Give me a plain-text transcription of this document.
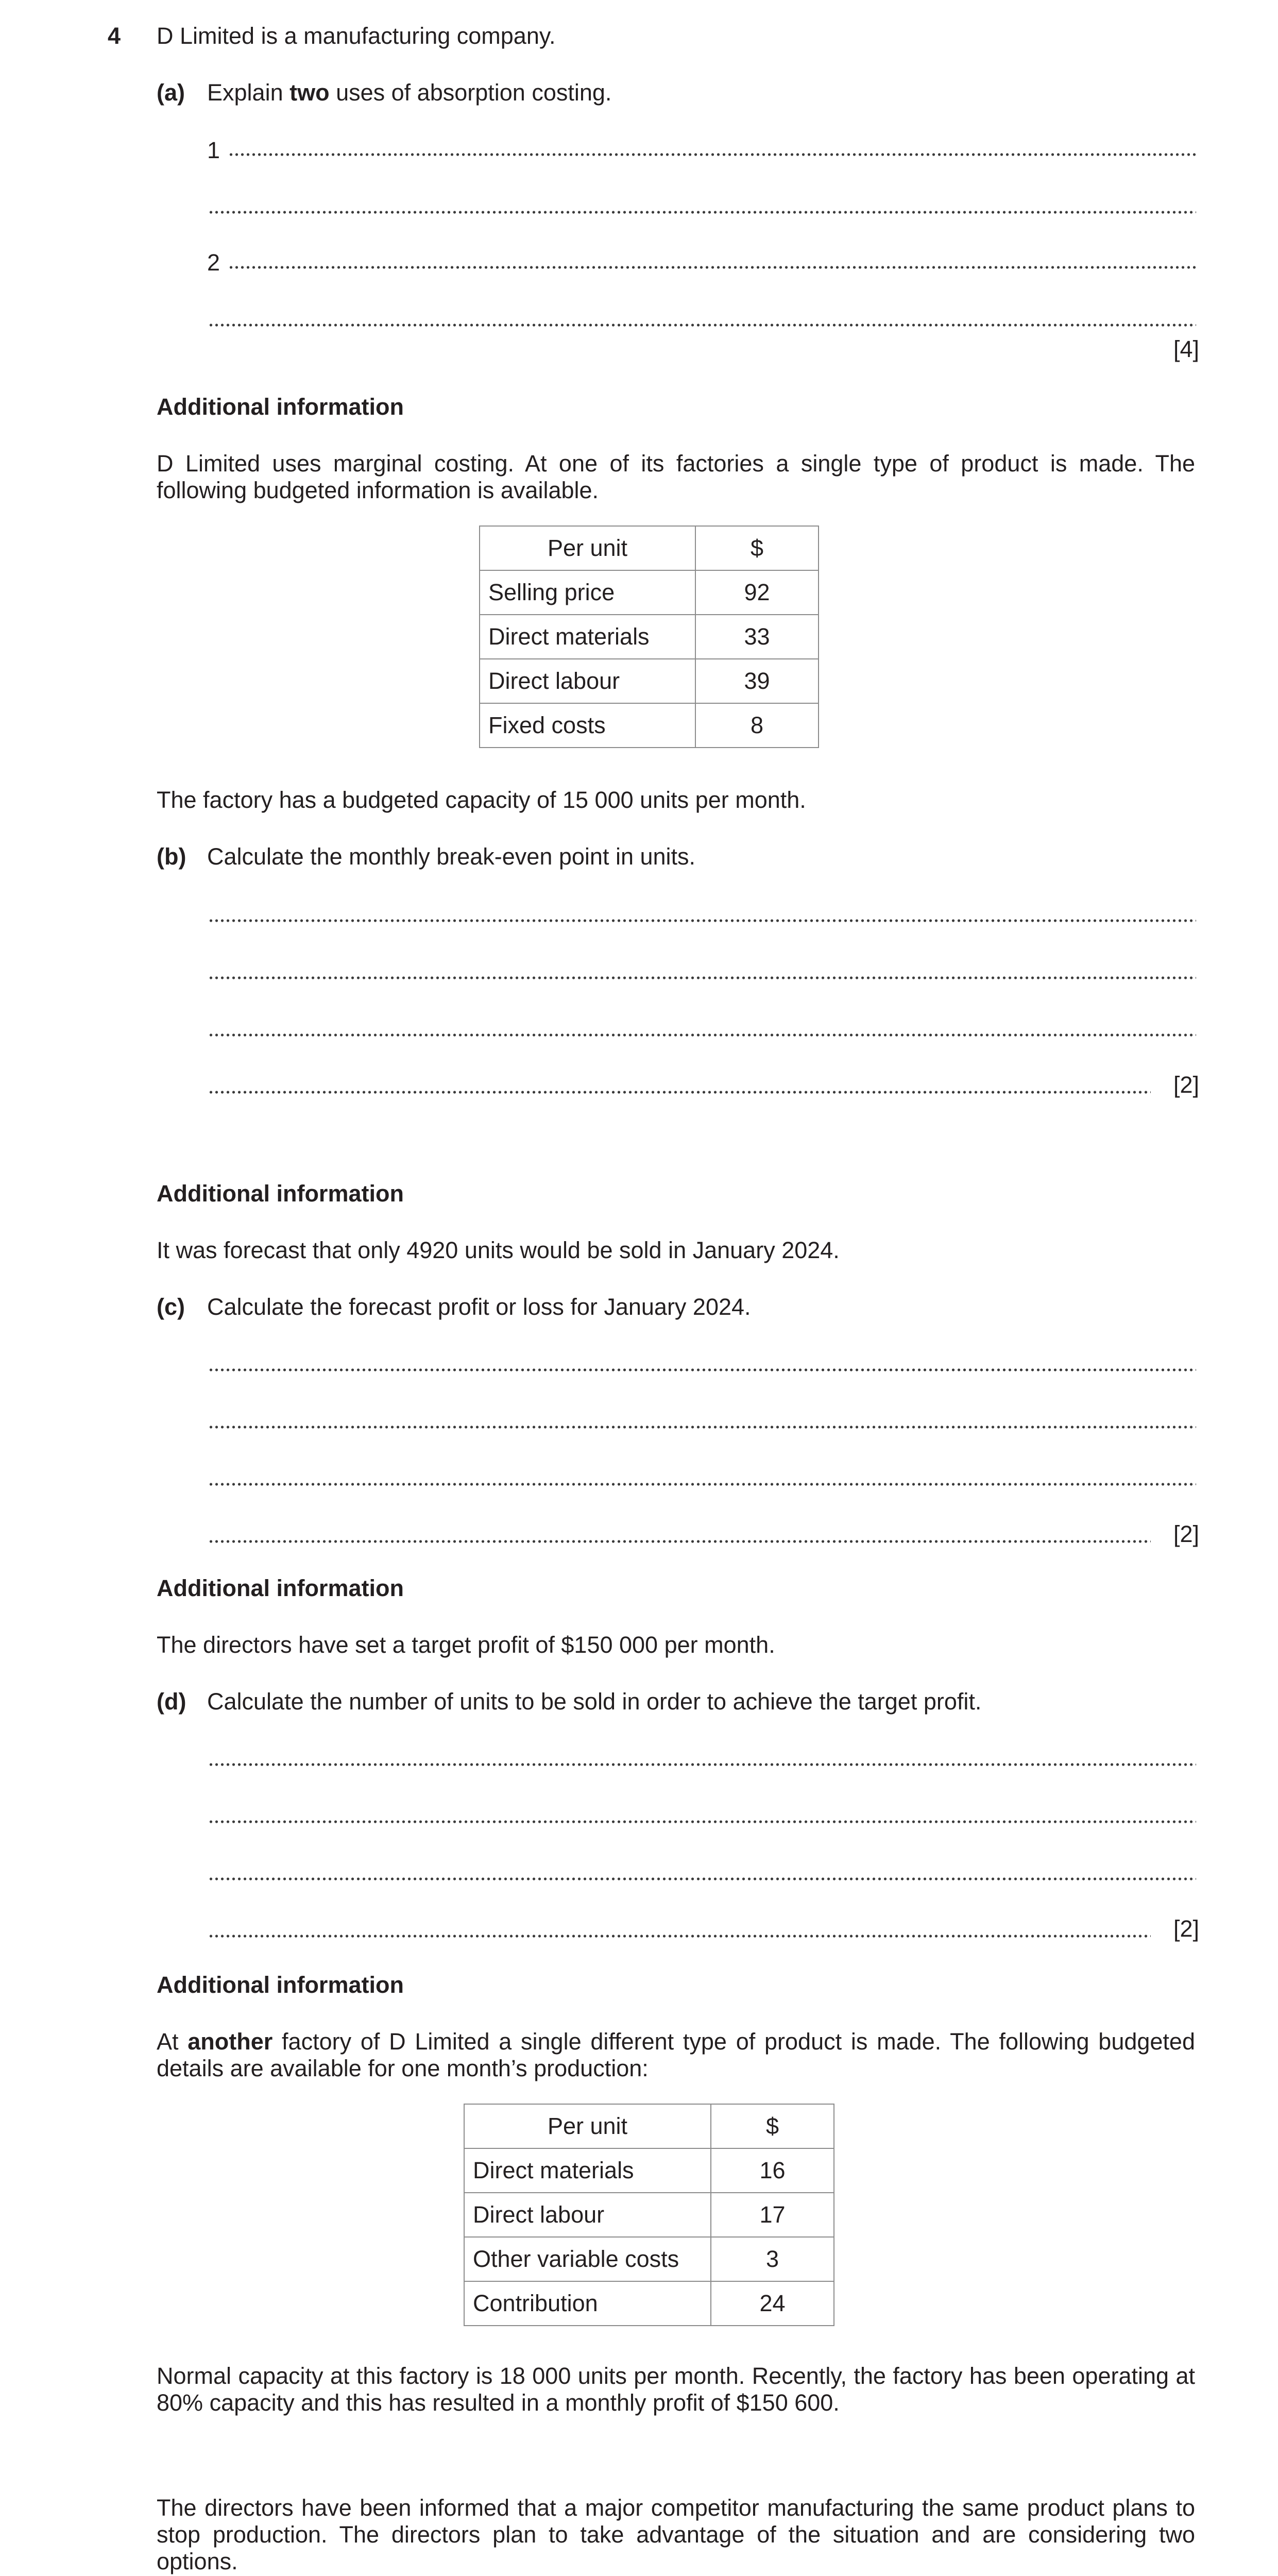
4 D Limited is a manufacturing company.
(a) Explain two uses of absorption costing.
1
2
[4]
Additional information
D Limited uses marginal costing. At one of its factories a single type of product is made. The following budgeted information is available.
Per unit	$
Selling price	92
Direct materials	33
Direct labour	39
Fixed costs	8
The factory has a budgeted capacity of 15 000 units per month.
(b) Calculate the monthly break-even point in units.
[2]
Additional information
It was forecast that only 4920 units would be sold in January 2024.
(c) Calculate the forecast profit or loss for January 2024.
[2]
Additional information
The directors have set a target profit of $150 000 per month.
(d) Calculate the number of units to be sold in order to achieve the target profit.
[2]
Additional information
At another factory of D Limited a single different type of product is made. The following budgeted details are available for one month’s production:
Per unit	$
Direct materials	16
Direct labour	17
Other variable costs	3
Contribution	24
Normal capacity at this factory is 18 000 units per month. Recently, the factory has been operating at 80% capacity and this has resulted in a monthly profit of $150 600.
The directors have been informed that a major competitor manufacturing the same product plans to stop production. The directors plan to take advantage of the situation and are considering two options.
